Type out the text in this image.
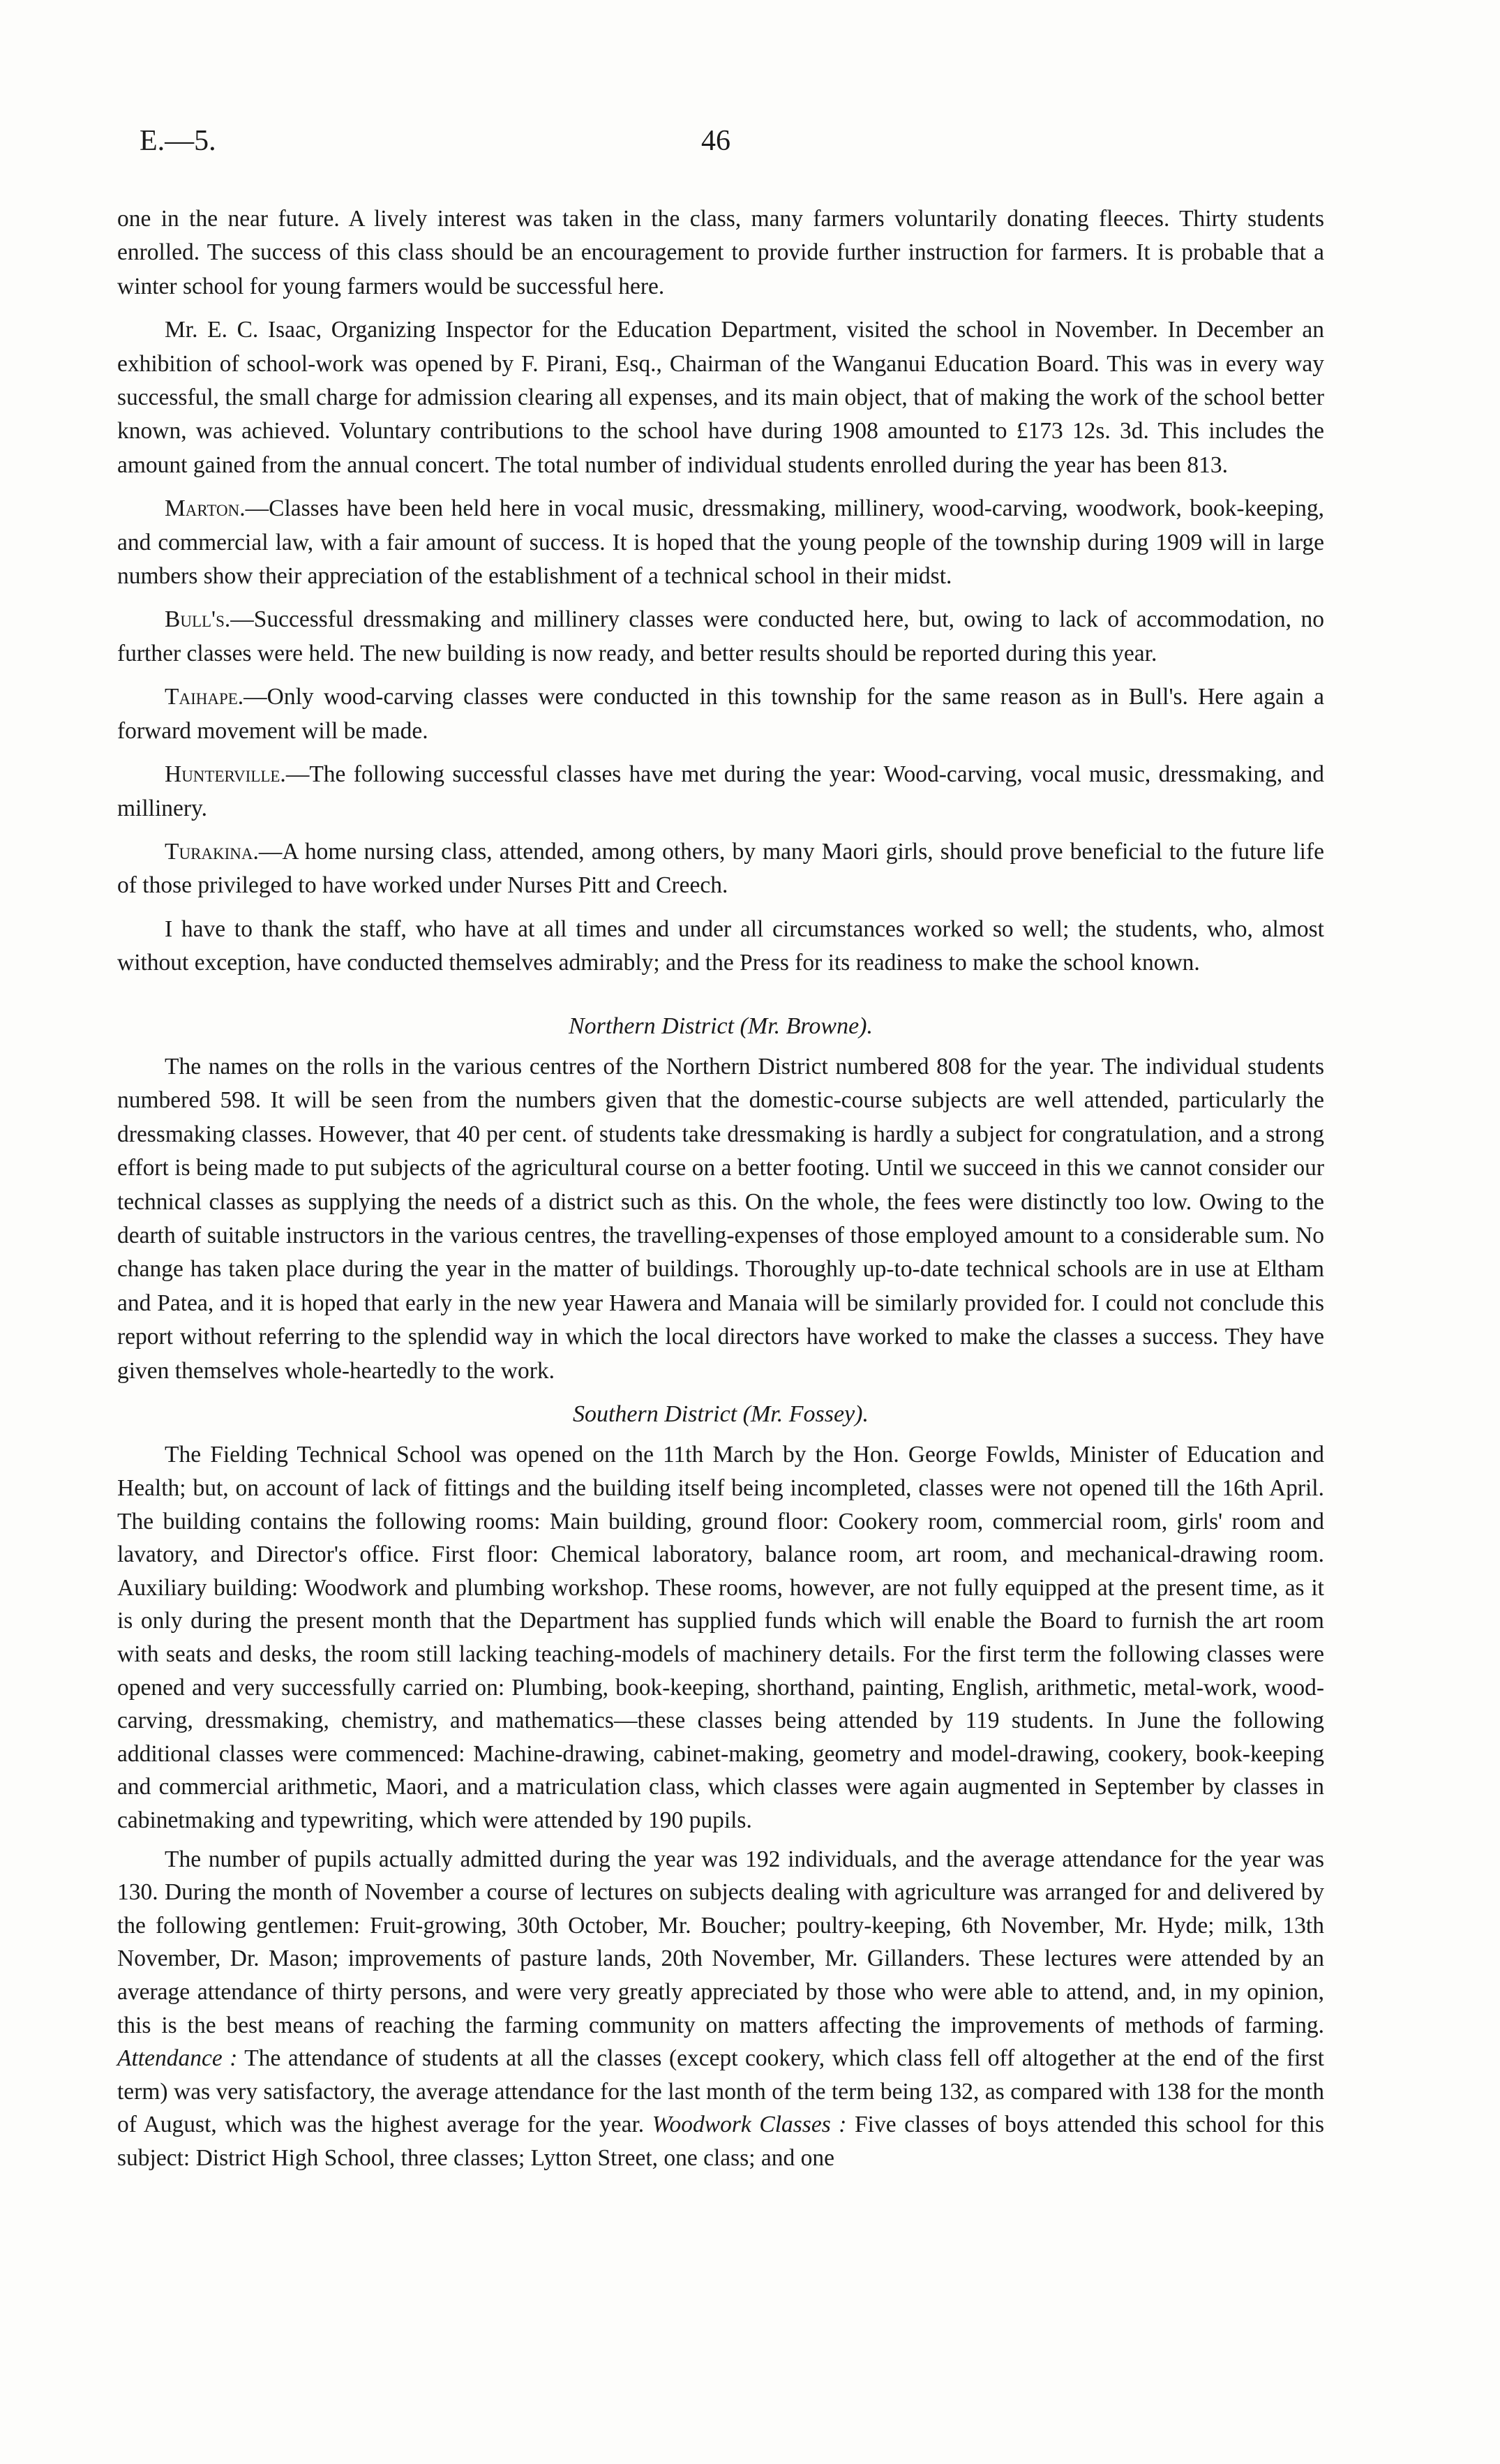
E.—5.	46

one in the near future. A lively interest was taken in the class, many farmers voluntarily donating fleeces. Thirty students enrolled. The success of this class should be an encouragement to provide further instruction for farmers. It is probable that a winter school for young farmers would be successful here.

Mr. E. C. Isaac, Organizing Inspector for the Education Department, visited the school in November. In December an exhibition of school-work was opened by F. Pirani, Esq., Chairman of the Wanganui Education Board. This was in every way successful, the small charge for admission clearing all expenses, and its main object, that of making the work of the school better known, was achieved. Voluntary contributions to the school have during 1908 amounted to £173 12s. 3d. This includes the amount gained from the annual concert. The total number of individual students enrolled during the year has been 813.

Marton.—Classes have been held here in vocal music, dressmaking, millinery, wood-carving, woodwork, book-keeping, and commercial law, with a fair amount of success. It is hoped that the young people of the township during 1909 will in large numbers show their appreciation of the establishment of a technical school in their midst.

Bull's.—Successful dressmaking and millinery classes were conducted here, but, owing to lack of accommodation, no further classes were held. The new building is now ready, and better results should be reported during this year.

Taihape.—Only wood-carving classes were conducted in this township for the same reason as in Bull's. Here again a forward movement will be made.

Hunterville.—The following successful classes have met during the year: Wood-carving, vocal music, dressmaking, and millinery.

Turakina.—A home nursing class, attended, among others, by many Maori girls, should prove beneficial to the future life of those privileged to have worked under Nurses Pitt and Creech.

I have to thank the staff, who have at all times and under all circumstances worked so well; the students, who, almost without exception, have conducted themselves admirably; and the Press for its readiness to make the school known.

Northern District (Mr. Browne).

The names on the rolls in the various centres of the Northern District numbered 808 for the year. The individual students numbered 598. It will be seen from the numbers given that the domestic-course subjects are well attended, particularly the dressmaking classes. However, that 40 per cent. of students take dressmaking is hardly a subject for congratulation, and a strong effort is being made to put subjects of the agricultural course on a better footing. Until we succeed in this we cannot consider our technical classes as supplying the needs of a district such as this. On the whole, the fees were distinctly too low. Owing to the dearth of suitable instructors in the various centres, the travelling-expenses of those employed amount to a considerable sum. No change has taken place during the year in the matter of buildings. Thoroughly up-to-date technical schools are in use at Eltham and Patea, and it is hoped that early in the new year Hawera and Manaia will be similarly provided for. I could not conclude this report without referring to the splendid way in which the local directors have worked to make the classes a success. They have given themselves whole-heartedly to the work.

Southern District (Mr. Fossey).

The Fielding Technical School was opened on the 11th March by the Hon. George Fowlds, Minister of Education and Health; but, on account of lack of fittings and the building itself being incompleted, classes were not opened till the 16th April. The building contains the following rooms: Main building, ground floor: Cookery room, commercial room, girls' room and lavatory, and Director's office. First floor: Chemical laboratory, balance room, art room, and mechanical-drawing room. Auxiliary building: Woodwork and plumbing workshop. These rooms, however, are not fully equipped at the present time, as it is only during the present month that the Department has supplied funds which will enable the Board to furnish the art room with seats and desks, the room still lacking teaching-models of machinery details. For the first term the following classes were opened and very successfully carried on: Plumbing, book-keeping, shorthand, painting, English, arithmetic, metal-work, wood-carving, dressmaking, chemistry, and mathematics—these classes being attended by 119 students. In June the following additional classes were commenced: Machine-drawing, cabinet-making, geometry and model-drawing, cookery, book-keeping and commercial arithmetic, Maori, and a matriculation class, which classes were again augmented in September by classes in cabinetmaking and typewriting, which were attended by 190 pupils.

The number of pupils actually admitted during the year was 192 individuals, and the average attendance for the year was 130. During the month of November a course of lectures on subjects dealing with agriculture was arranged for and delivered by the following gentlemen: Fruit-growing, 30th October, Mr. Boucher; poultry-keeping, 6th November, Mr. Hyde; milk, 13th November, Dr. Mason; improvements of pasture lands, 20th November, Mr. Gillanders. These lectures were attended by an average attendance of thirty persons, and were very greatly appreciated by those who were able to attend, and, in my opinion, this is the best means of reaching the farming community on matters affecting the improvements of methods of farming. Attendance : The attendance of students at all the classes (except cookery, which class fell off altogether at the end of the first term) was very satisfactory, the average attendance for the last month of the term being 132, as compared with 138 for the month of August, which was the highest average for the year. Woodwork Classes : Five classes of boys attended this school for this subject: District High School, three classes; Lytton Street, one class; and one
